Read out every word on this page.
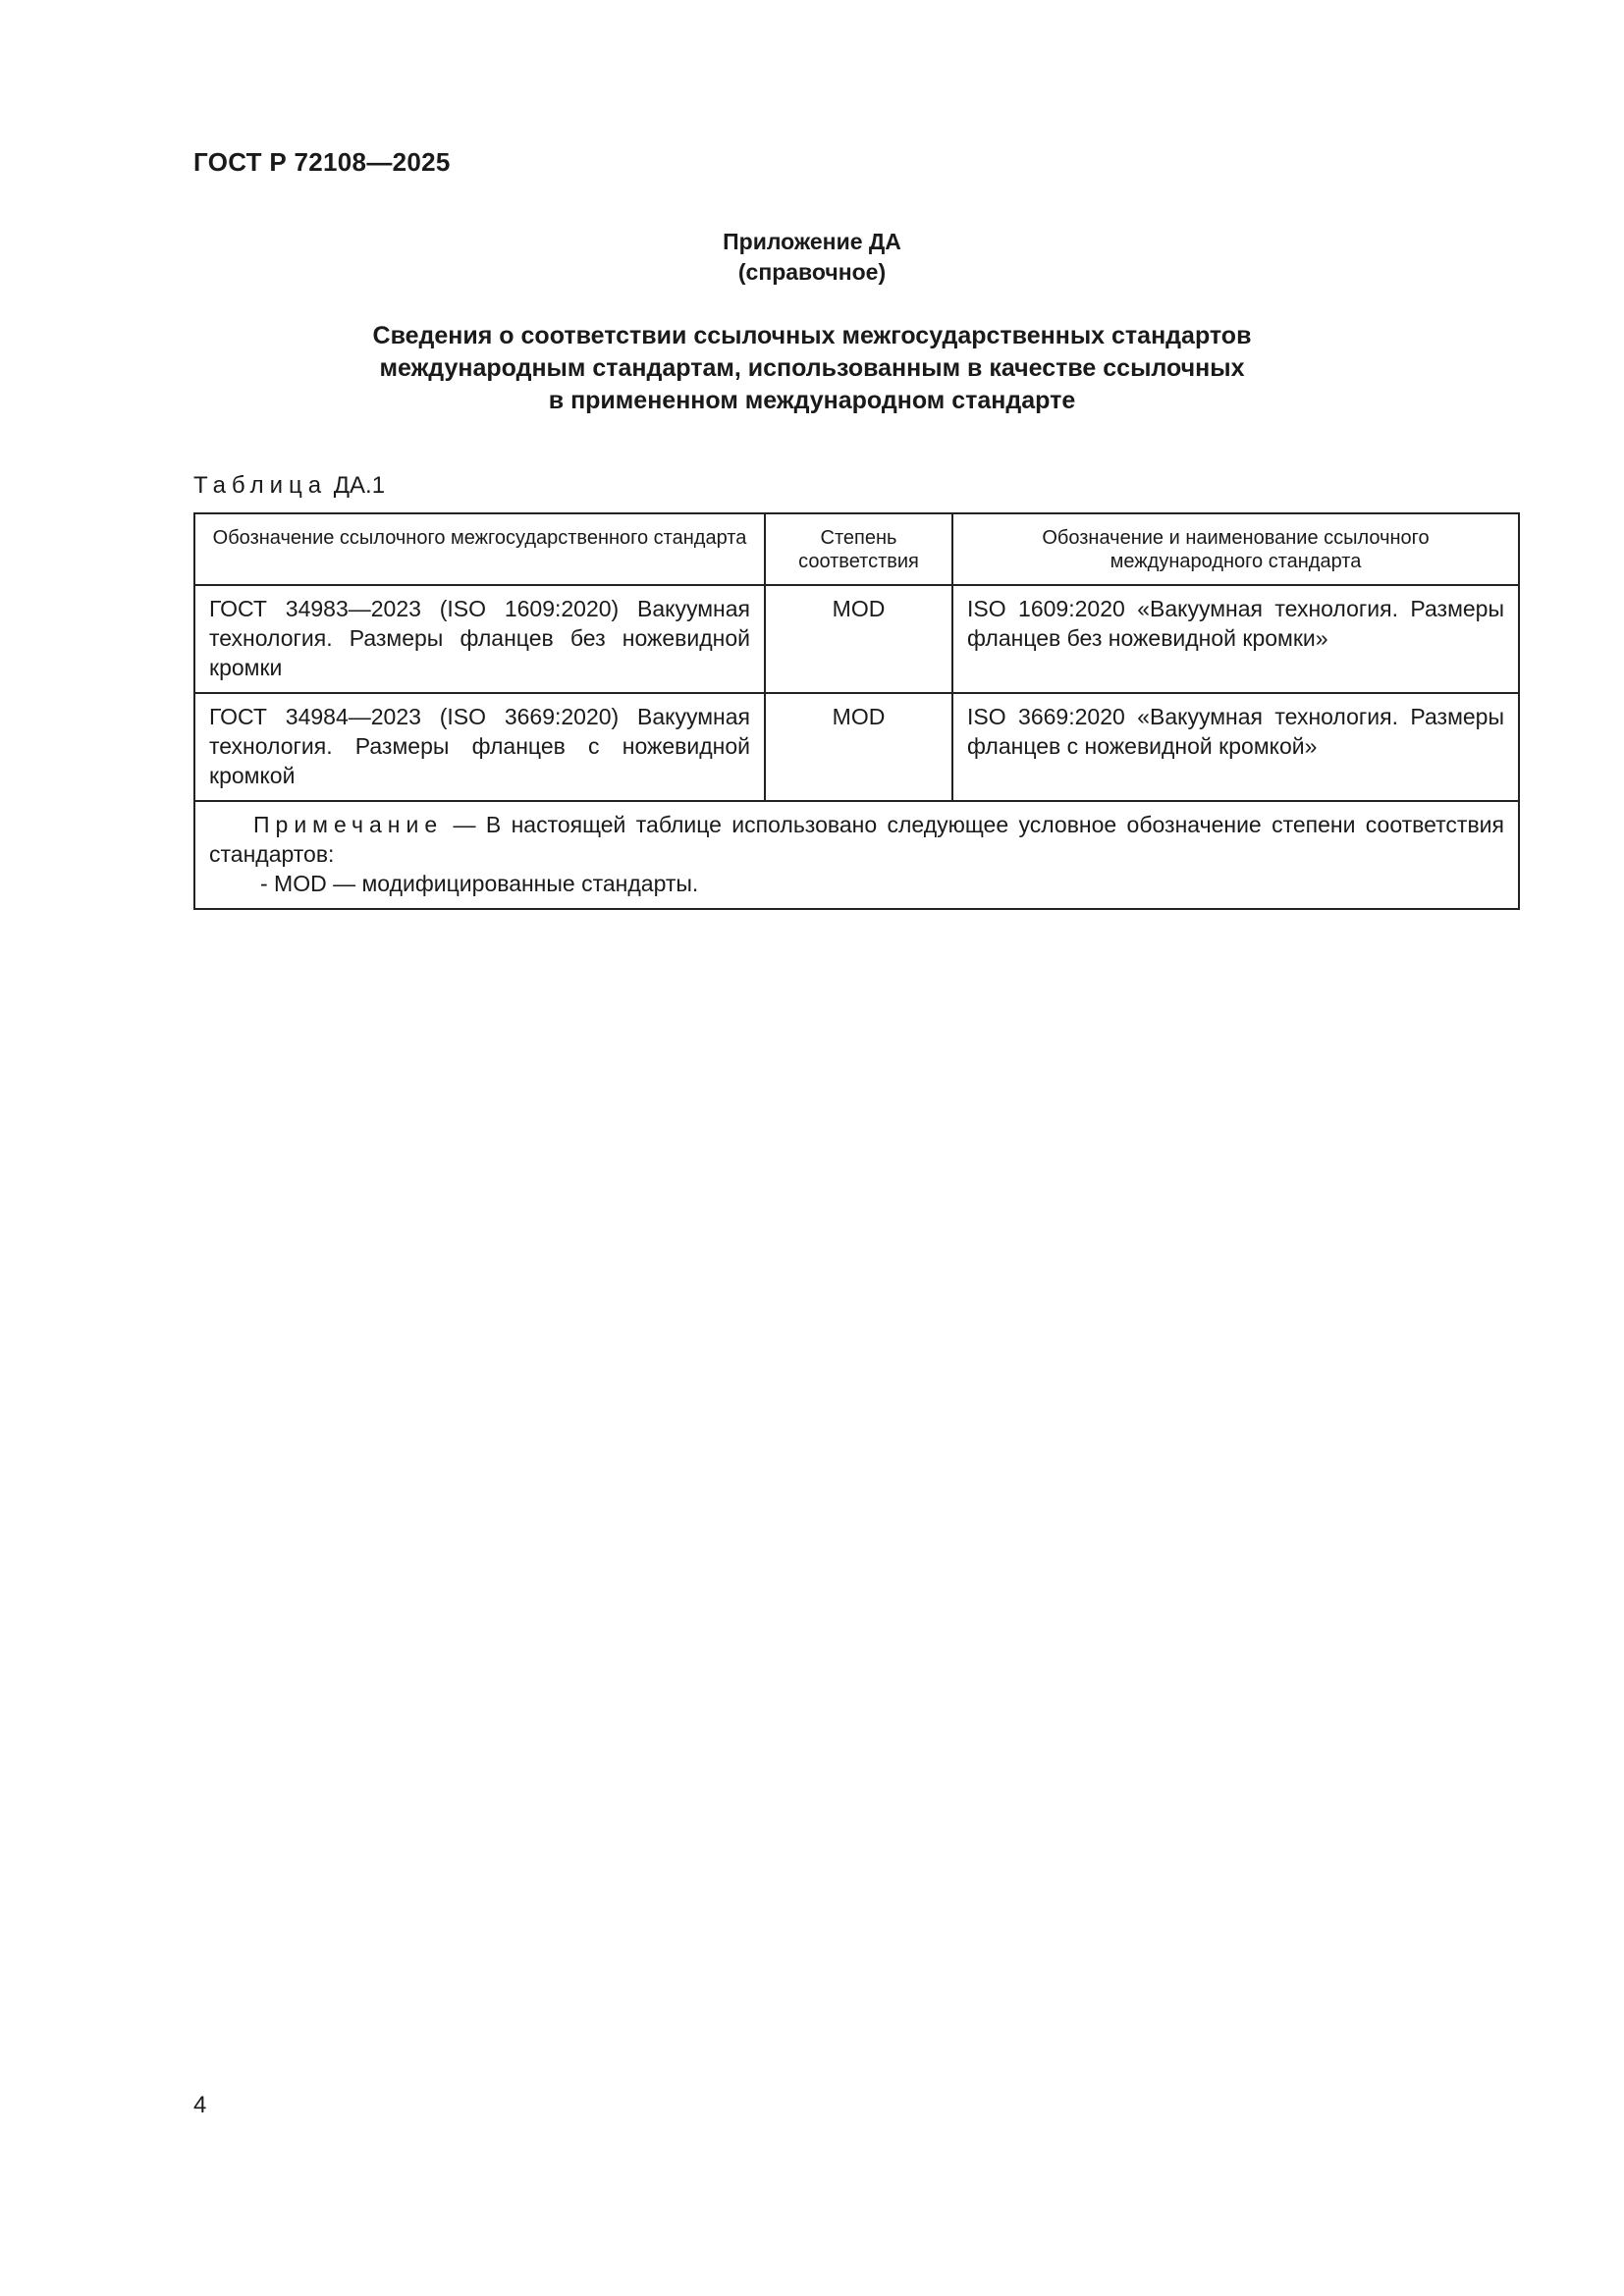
ГОСТ Р 72108—2025
Приложение ДА
(справочное)
Сведения о соответствии ссылочных межгосударственных стандартов
международным стандартам, использованным в качестве ссылочных
в примененном международном стандарте
Таблица ДА.1
Обозначение ссылочного межгосударственного стандарта	Степень соответствия	Обозначение и наименование ссылочного международного стандарта
ГОСТ 34983—2023 (ISO 1609:2020) Вакуумная технология. Размеры фланцев без ножевидной кромки	MOD	ISO 1609:2020 «Вакуумная технология. Размеры фланцев без ножевидной кромки»
ГОСТ 34984—2023 (ISO 3669:2020) Вакуумная технология. Размеры фланцев с ножевидной кромкой	MOD	ISO 3669:2020 «Вакуумная технология. Размеры фланцев с ножевидной кромкой»

Примечание — В настоящей таблице использовано следующее условное обозначение степени соответствия стандартов:
- MOD — модифицированные стандарты.		
4
